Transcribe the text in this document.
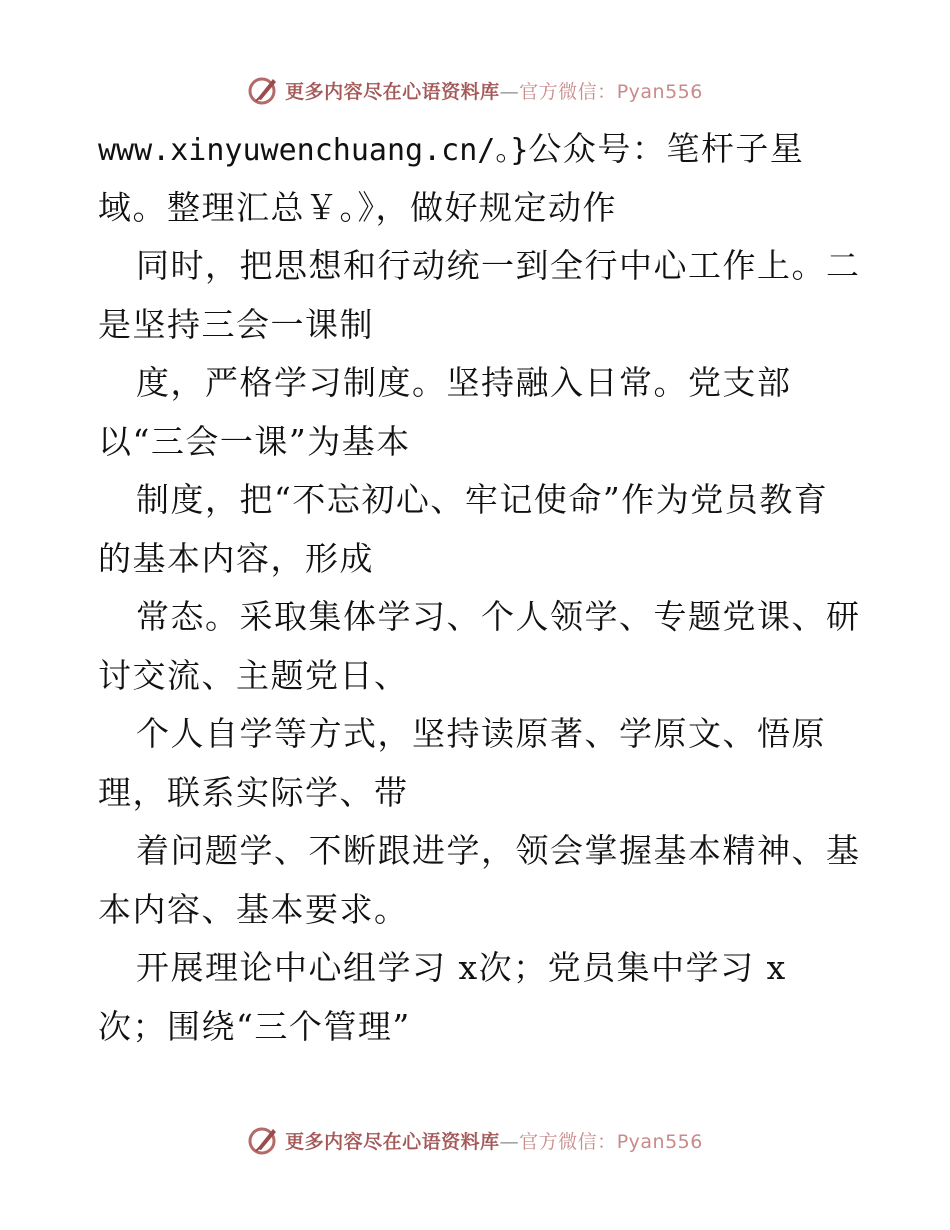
更多内容尽在心语资料库—官方微信：Pyan556
www.xinyuwenchuang.cn/。}公众号：笔杆子星
域。整理汇总￥。》，做好规定动作
同时，把思想和行动统一到全行中心工作上。二
是坚持三会一课制
度，严格学习制度。坚持融入日常。党支部
以“三会一课”为基本
制度，把“不忘初心、牢记使命”作为党员教育
的基本内容，形成
常态。采取集体学习、个人领学、专题党课、研
讨交流、主题党日、
个人自学等方式，坚持读原著、学原文、悟原
理，联系实际学、带
着问题学、不断跟进学，领会掌握基本精神、基
本内容、基本要求。
开展理论中心组学习 x次；党员集中学习 x
次；围绕“三个管理”
更多内容尽在心语资料库—官方微信：Pyan556
